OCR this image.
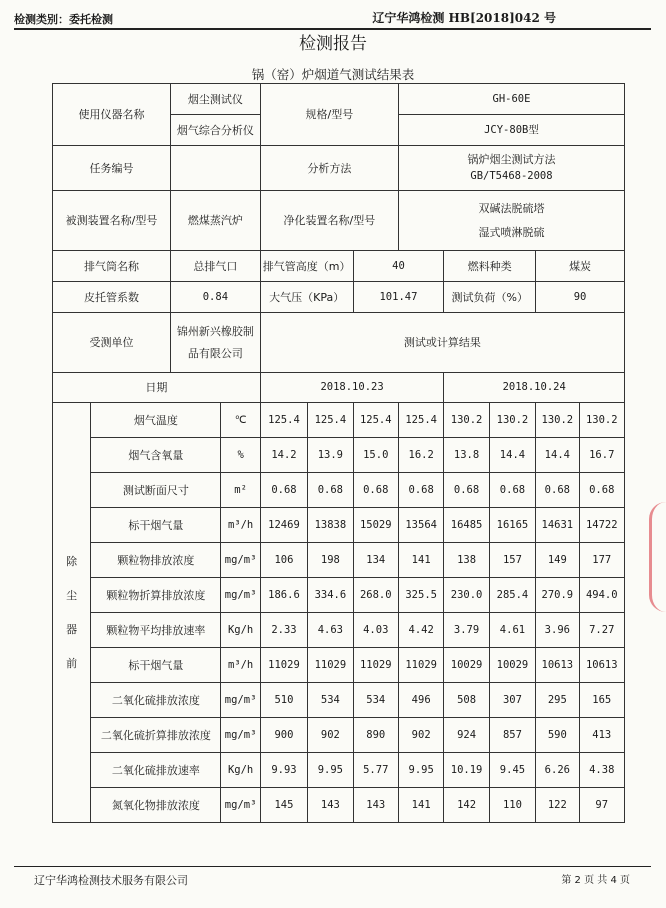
检测类别：委托检测	辽宁华鸿检测 HB[2018]042 号
检测报告
锅（窑）炉烟道气测试结果表
使用仪器名称		烟尘测试仪		规格/型号			GH-60E				
		烟气综合分析仪					JCY-80B型				
任务编号				分析方法			锅炉烟尘测试方法
GB/T5468-2008				

被测装置名称/型号		燃煤蒸汽炉		净化装置名称/型号			双碱法脱硫塔
湿式喷淋脱硫				

排气筒名称		总排气口		排气管高度（m）		40		燃料种类		煤炭	
皮托管系数		0.84		大气压（KPa）		101.47		测试负荷（%）		90	
受测单位		锦州新兴橡胶制
品有限公司		测试或计算结果							
日期				2018.10.23				2018.10.24			

除
尘
器
前	烟气温度		℃	125.4	125.4	125.4	125.4	130.2	130.2	130.2	130.2
	烟气含氧量		%	14.2	13.9	15.0	16.2	13.8	14.4	14.4	16.7
	测试断面尺寸		m²	0.68	0.68	0.68	0.68	0.68	0.68	0.68	0.68
	标干烟气量		m³/h	12469	13838	15029	13564	16485	16165	14631	14722
	颗粒物排放浓度		mg/m³	106	198	134	141	138	157	149	177
	颗粒物折算排放浓度		mg/m³	186.6	334.6	268.0	325.5	230.0	285.4	270.9	494.0
	颗粒物平均排放速率		Kg/h	2.33	4.63	4.03	4.42	3.79	4.61	3.96	7.27
	标干烟气量		m³/h	11029	11029	11029	11029	10029	10029	10613	10613
	二氧化硫排放浓度		mg/m³	510	534	534	496	508	307	295	165
	二氧化硫折算排放浓度		mg/m³	900	902	890	902	924	857	590	413
	二氧化硫排放速率		Kg/h	9.93	9.95	5.77	9.95	10.19	9.45	6.26	4.38
	氮氧化物排放浓度		mg/m³	145	143	143	141	142	110	122	97
辽宁华鸿检测技术服务有限公司	第 2 页 共 4 页
